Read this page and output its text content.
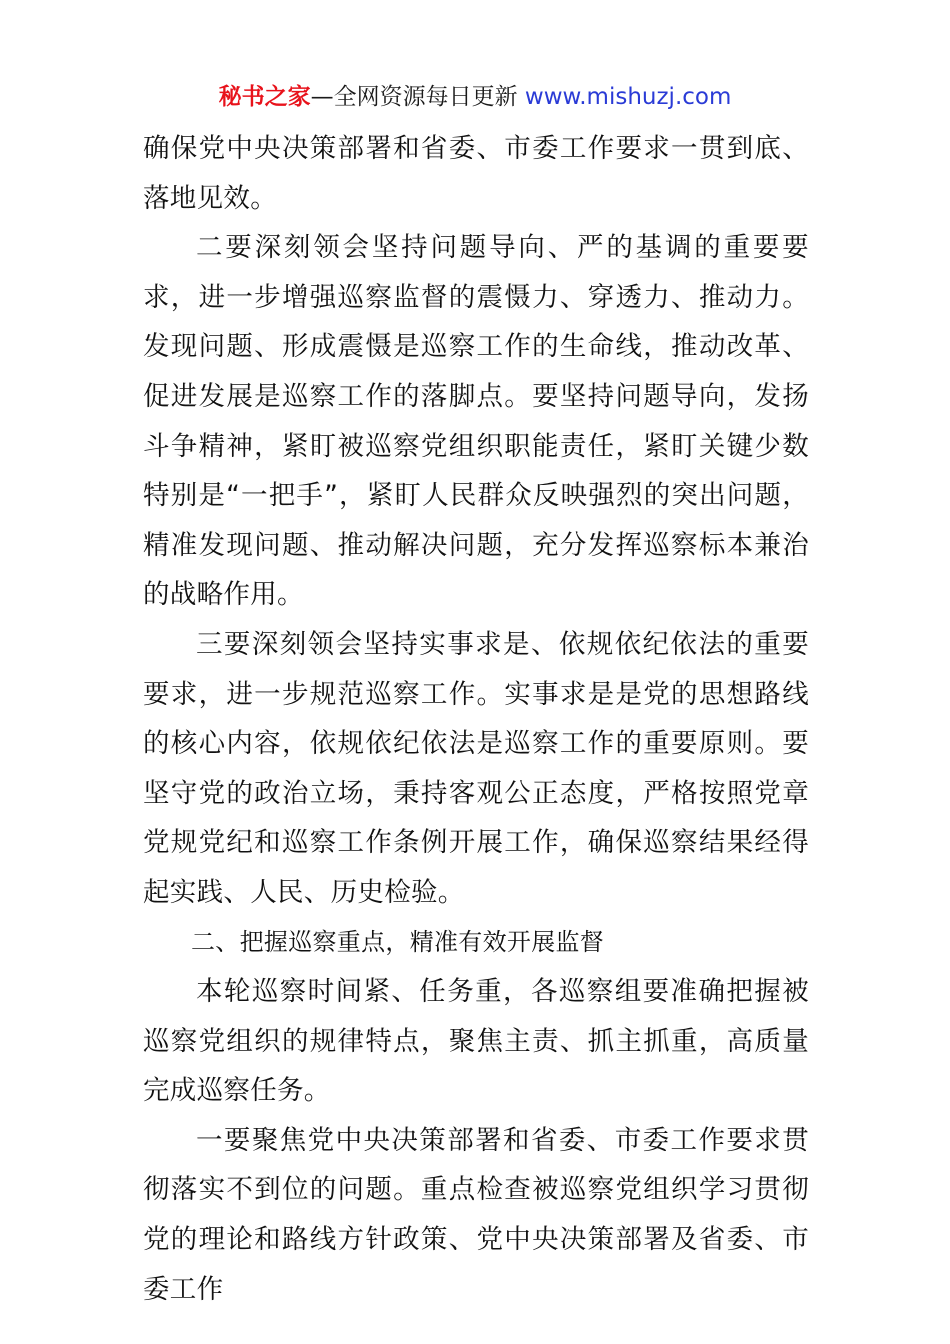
秘书之家—全网资源每日更新 www.mishuzj.com

确保党中央决策部署和省委、市委工作要求一贯到底、落地见效。

二要深刻领会坚持问题导向、严的基调的重要要求，进一步增强巡察监督的震慑力、穿透力、推动力。发现问题、形成震慑是巡察工作的生命线，推动改革、促进发展是巡察工作的落脚点。要坚持问题导向，发扬斗争精神，紧盯被巡察党组织职能责任，紧盯关键少数特别是“一把手”，紧盯人民群众反映强烈的突出问题，精准发现问题、推动解决问题，充分发挥巡察标本兼治的战略作用。

三要深刻领会坚持实事求是、依规依纪依法的重要要求，进一步规范巡察工作。实事求是是党的思想路线的核心内容，依规依纪依法是巡察工作的重要原则。要坚守党的政治立场，秉持客观公正态度，严格按照党章党规党纪和巡察工作条例开展工作，确保巡察结果经得起实践、人民、历史检验。

二、把握巡察重点，精准有效开展监督

本轮巡察时间紧、任务重，各巡察组要准确把握被巡察党组织的规律特点，聚焦主责、抓主抓重，高质量完成巡察任务。

一要聚焦党中央决策部署和省委、市委工作要求贯彻落实不到位的问题。重点检查被巡察党组织学习贯彻党的理论和路线方针政策、党中央决策部署及省委、市委工作
